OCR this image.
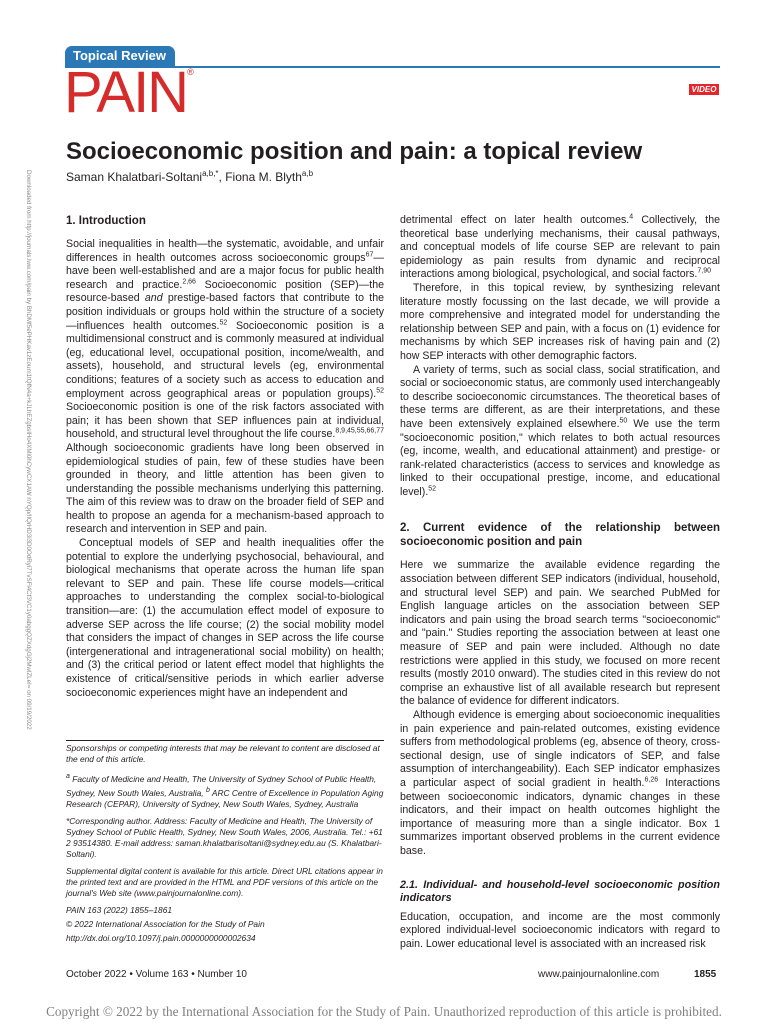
Topical Review
PAIN®
VIDEO
Downloaded from http://journals.lww.com/pain by BhDMf5ePHKav1zEoum1tQfN4a+kJLhEZgbsIHo4XMi0hCywCX1AW nYQp/IlQrHD3i3D0OdRyi7TvSFl4Cf3VC1y0abggQZXdgGj2MwlZLeI= on 09/19/2022
Socioeconomic position and pain: a topical review
Saman Khalatbari-Soltani$^{a,b,*}$, Fiona M. Blyth$^{a,b}$
1. Introduction

Social inequalities in health—the systematic, avoidable, and unfair differences in health outcomes across socioeconomic groups$^{67}$—have been well-established and are a major focus for public health research and practice.$^{2,66}$ Socioeconomic position (SEP)—the resource-based and prestige-based factors that contribute to the position individuals or groups hold within the structure of a society—influences health outcomes.$^{52}$ Socioeconomic position is a multidimensional construct and is commonly measured at individual (eg, educational level, occupational position, income/wealth, and assets), household, and structural levels (eg, environmental conditions; features of a society such as access to education and employment across geographical areas or population groups).$^{52}$ Socioeconomic position is one of the risk factors associated with pain; it has been shown that SEP influences pain at individual, household, and structural level throughout the life course.$^{8,9,45,55,66,77}$ Although socioeconomic gradients have long been observed in epidemiological studies of pain, few of these studies have been grounded in theory, and little attention has been given to understanding the possible mechanisms underlying this patterning. The aim of this review was to draw on the broader field of SEP and health to propose an agenda for a mechanism-based approach to research and intervention in SEP and pain.

Conceptual models of SEP and health inequalities offer the potential to explore the underlying psychosocial, behavioural, and biological mechanisms that operate across the human life span relevant to SEP and pain. These life course models—critical approaches to understanding the complex social-to-biological transition—are: (1) the accumulation effect model of exposure to adverse SEP across the life course; (2) the social mobility model that considers the impact of changes in SEP across the life course (intergenerational and intragenerational social mobility) on health; and (3) the critical period or latent effect model that highlights the existence of critical/sensitive periods in which earlier adverse socioeconomic experiences might have an independent and

Sponsorships or competing interests that may be relevant to content are disclosed at the end of this article.

$^a$ Faculty of Medicine and Health, The University of Sydney School of Public Health, Sydney, New South Wales, Australia, $^b$ ARC Centre of Excellence in Population Aging Research (CEPAR), University of Sydney, New South Wales, Sydney, Australia

*Corresponding author. Address: Faculty of Medicine and Health, The University of Sydney School of Public Health, Sydney, New South Wales, 2006, Australia. Tel.: +61 2 93514380. E-mail address: saman.khalatbarisoltani@sydney.edu.au (S. Khalatbari-Soltani).

Supplemental digital content is available for this article. Direct URL citations appear in the printed text and are provided in the HTML and PDF versions of this article on the journal's Web site (www.painjournalonline.com).

PAIN 163 (2022) 1855–1861

© 2022 International Association for the Study of Pain

http://dx.doi.org/10.1097/j.pain.0000000000002634

detrimental effect on later health outcomes.$^4$ Collectively, the theoretical base underlying mechanisms, their causal pathways, and conceptual models of life course SEP are relevant to pain epidemiology as pain results from dynamic and reciprocal interactions among biological, psychological, and social factors.$^{7,90}$

Therefore, in this topical review, by synthesizing relevant literature mostly focussing on the last decade, we will provide a more comprehensive and integrated model for understanding the relationship between SEP and pain, with a focus on (1) evidence for mechanisms by which SEP increases risk of having pain and (2) how SEP interacts with other demographic factors.

A variety of terms, such as social class, social stratification, and social or socioeconomic status, are commonly used interchangeably to describe socioeconomic circumstances. The theoretical bases of these terms are different, as are their interpretations, and these have been extensively explained elsewhere.$^{50}$ We use the term "socioeconomic position," which relates to both actual resources (eg, income, wealth, and educational attainment) and prestige- or rank-related characteristics (access to services and knowledge as linked to their occupational prestige, income, and educational level).$^{52}$

2. Current evidence of the relationship between socioeconomic position and pain

Here we summarize the available evidence regarding the association between different SEP indicators (individual, household, and structural level SEP) and pain. We searched PubMed for English language articles on the association between SEP indicators and pain using the broad search terms "socioeconomic" and "pain." Studies reporting the association between at least one measure of SEP and pain were included. Although no date restrictions were applied in this study, we focused on more recent results (mostly 2010 onward). The studies cited in this review do not comprise an exhaustive list of all available research but represent the balance of evidence for different indicators.

Although evidence is emerging about socioeconomic inequalities in pain experience and pain-related outcomes, existing evidence suffers from methodological problems (eg, absence of theory, cross-sectional design, use of single indicators of SEP, and false assumption of interchangeability). Each SEP indicator emphasizes a particular aspect of social gradient in health.$^{6,26}$ Interactions between socioeconomic indicators, dynamic changes in these indicators, and their impact on health outcomes highlight the importance of measuring more than a single indicator. Box 1 summarizes important observed problems in the current evidence base.

2.1. Individual- and household-level socioeconomic position indicators

Education, occupation, and income are the most commonly explored individual-level socioeconomic indicators with regard to pain. Lower educational level is associated with an increased risk

October 2022 • Volume 163 • Number 10	www.painjournalonline.com	1855
Copyright © 2022 by the International Association for the Study of Pain. Unauthorized reproduction of this article is prohibited.
